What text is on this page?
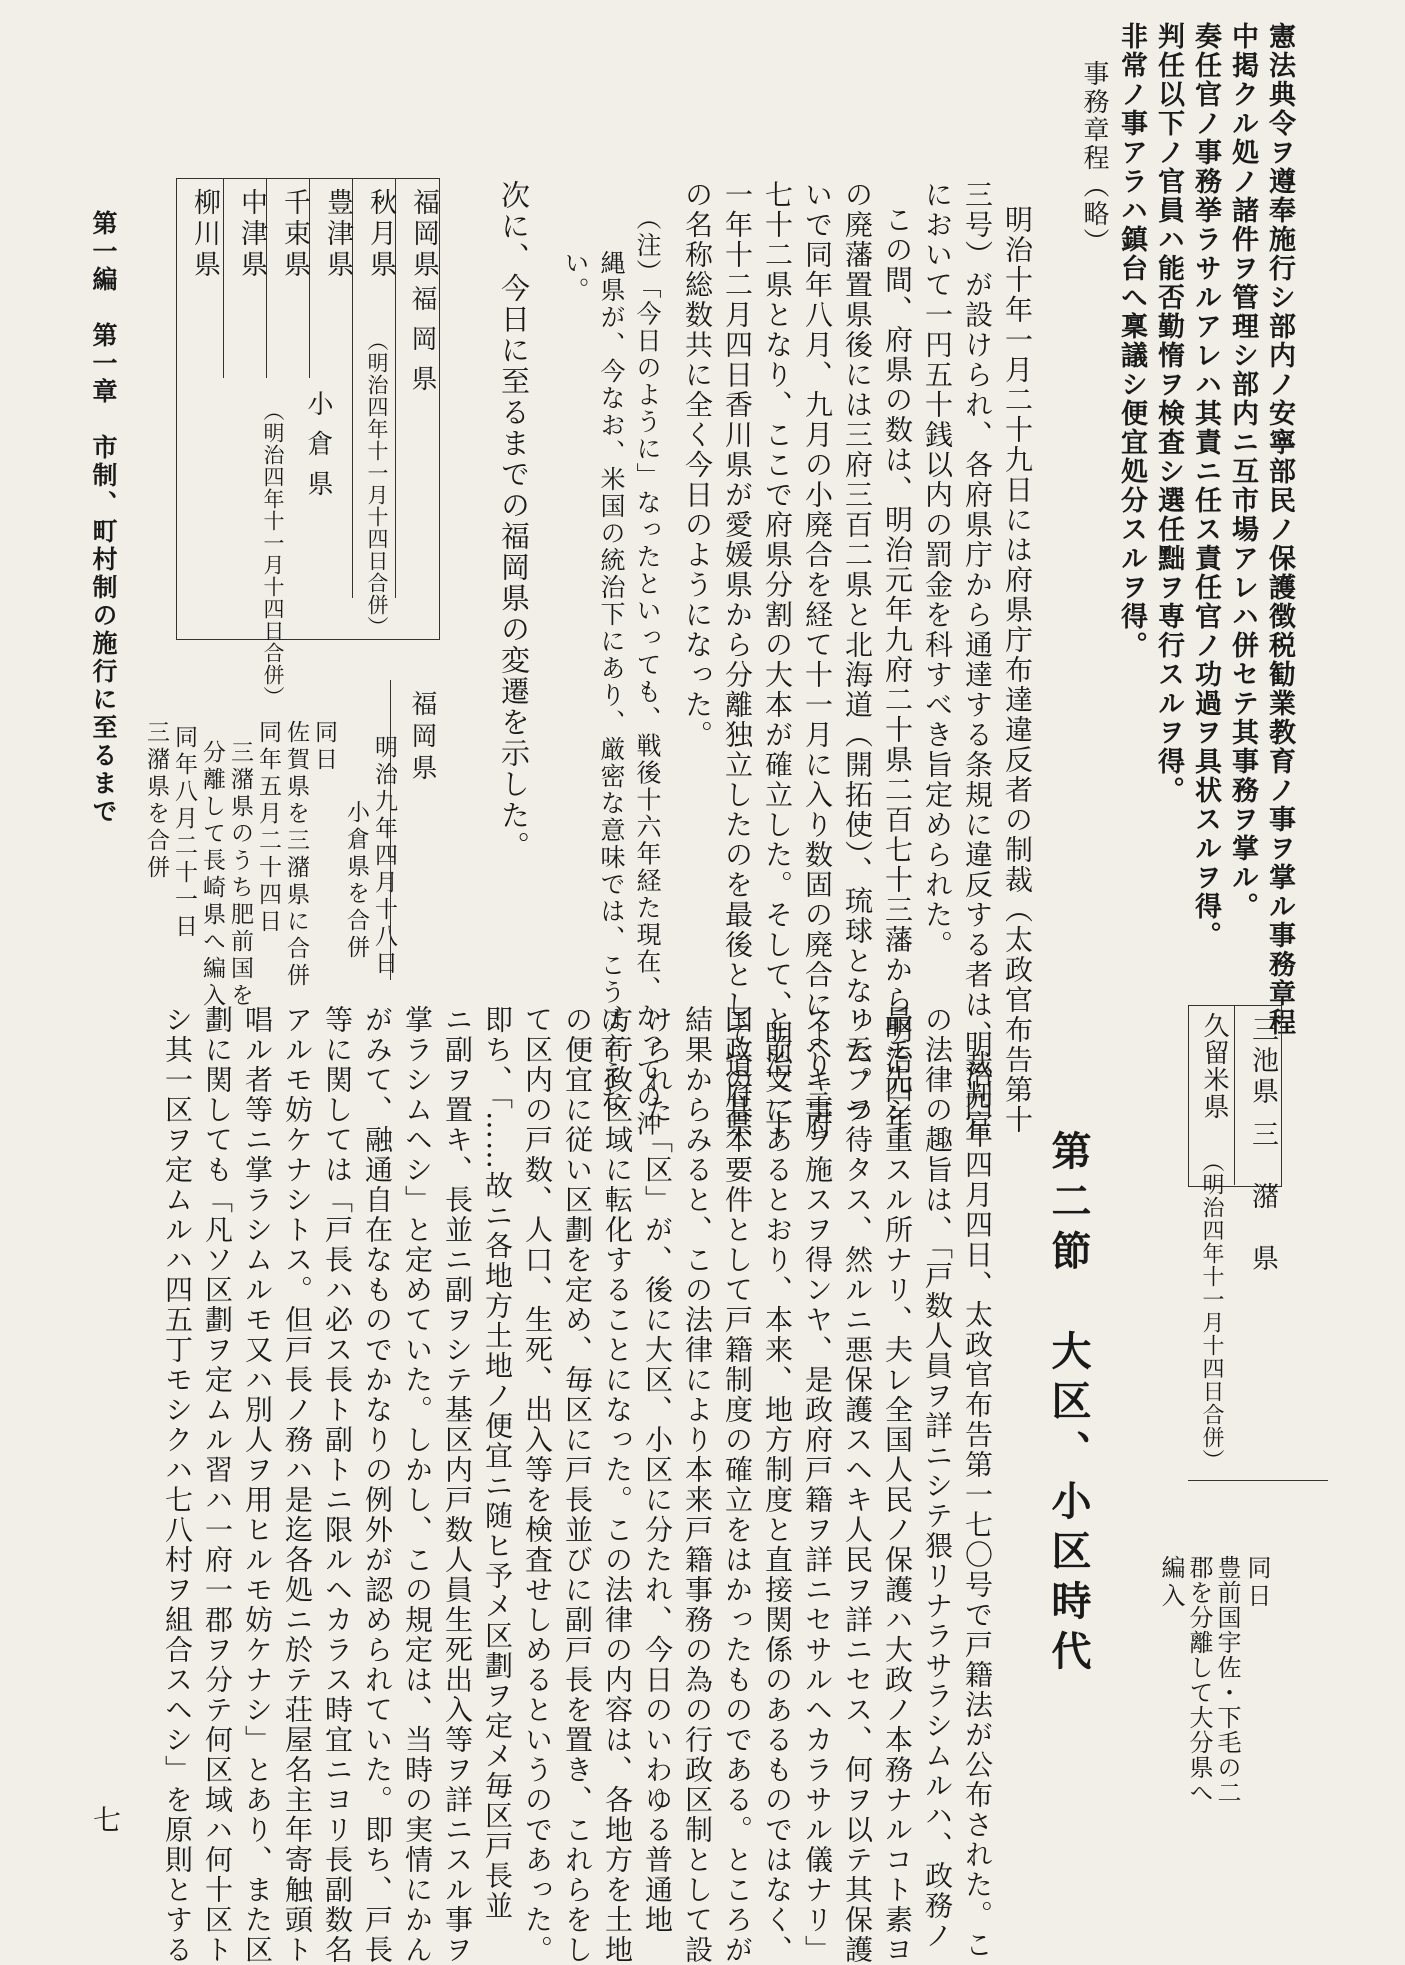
憲法典令ヲ遵奉施行シ部内ノ安寧部民ノ保護徴税勧業教育ノ事ヲ掌ル事務章程
中掲クル処ノ諸件ヲ管理シ部内ニ互市場アレハ併セテ其事務ヲ掌ル。
奏任官ノ事務挙ラサルアレハ其責ニ任ス責任官ノ功過ヲ具状スルヲ得。
判任以下ノ官員ハ能否勤惰ヲ検査シ選任黜ヲ専行スルヲ得。
非常ノ事アラハ鎮台へ稟議シ便宜処分スルヲ得。
事務章程（略）
明治十年一月二十九日には府県庁布達違反者の制裁（太政官布告第十
三号）が設けられ、各府県庁から通達する条規に違反する者は、裁判官
において一円五十銭以内の罰金を科すべき旨定められた。
この間、府県の数は、明治元年九府二十県二百七十三藩から明治四年
の廃藩置県後には三府三百二県と北海道（開拓使）、琉球となった。つ
いで同年八月、九月の小廃合を経て十一月に入り数固の廃合により三府
七十二県となり、ここで府県分割の大本が確立した。そして、明治二十
一年十二月四日香川県が愛媛県から分離独立したのを最後として道府県
の名称総数共に全く今日のようになった。
（注）「今日のように」なったといっても、戦後十六年経た現在、かっての沖
縄県が、今なお、米国の統治下にあり、厳密な意味では、こうは言えな
い。
次に、今日に至るまでの福岡県の変遷を示した。
福岡県
秋月県
豊津県
千束県
中津県
柳川県
福岡県
（明治四年十一月十四日合併）
小倉県
（明治四年十一月十四日合併）
福岡県
明治九年四月十八日
小倉県を合併
同日
佐賀県を三潴県に合併
同年五月二十四日
三潴県のうち肥前国を
分離して長崎県へ編入
同年八月二十一日
三潴県を合併
三池県
久留米県
三　潴　県
（明治四年十一月十四日合併）
同日
豊前国宇佐・下毛の二
郡を分離して大分県へ
編入
第二節　大区、小区時代
明治四年四月四日、太政官布告第一七〇号で戸籍法が公布された。こ
の法律の趣旨は、「戸数人員ヲ詳ニシテ猥リナラサラシムルハ、政務ノ
最モ先シ重スル所ナリ、夫レ全国人民ノ保護ハ大政ノ本務ナルコト素ヨ
リ云フヲ待タス、然ルニ悪保護スヘキ人民ヲ詳ニセス、何ヲ以テ其保護
スヘキ事ヲ施スヲ得ンヤ、是政府戸籍ヲ詳ニセサルヘカラサル儀ナリ」
と前文にあるとおり、本来、地方制度と直接関係のあるものではなく、
国政の基本要件として戸籍制度の確立をはかったものである。ところが
結果からみると、この法律により本来戸籍事務の為の行政区制として設
けられた「区」が、後に大区、小区に分たれ、今日のいわゆる普通地
方行政区域に転化することになった。この法律の内容は、各地方を土地
の便宜に従い区劃を定め、毎区に戸長並びに副戸長を置き、これらをし
て区内の戸数、人口、生死、出入等を検査せしめるというのであった。
即ち、「……故ニ各地方土地ノ便宜ニ随ヒ予メ区劃ヲ定メ毎区戸長並
ニ副ヲ置キ、長並ニ副ヲシテ基区内戸数人員生死出入等ヲ詳ニスル事ヲ
掌ラシムヘシ」と定めていた。しかし、この規定は、当時の実情にかん
がみて、融通自在なものでかなりの例外が認められていた。即ち、戸長
等に関しては「戸長ハ必ス長ト副トニ限ルヘカラス時宜ニヨリ長副数名
アルモ妨ケナシトス。但戸長ノ務ハ是迄各処ニ於テ荘屋名主年寄触頭ト
唱ル者等ニ掌ラシムルモ又ハ別人ヲ用ヒルモ妨ケナシ」とあり、また区
劃に関しても「凡ソ区劃ヲ定ムル習ハ一府一郡ヲ分テ何区域ハ何十区ト
シ其一区ヲ定ムルハ四五丁モシクハ七八村ヲ組合スヘシ」を原則とする
第一編　第一章　市制、町村制の施行に至るまで
七
